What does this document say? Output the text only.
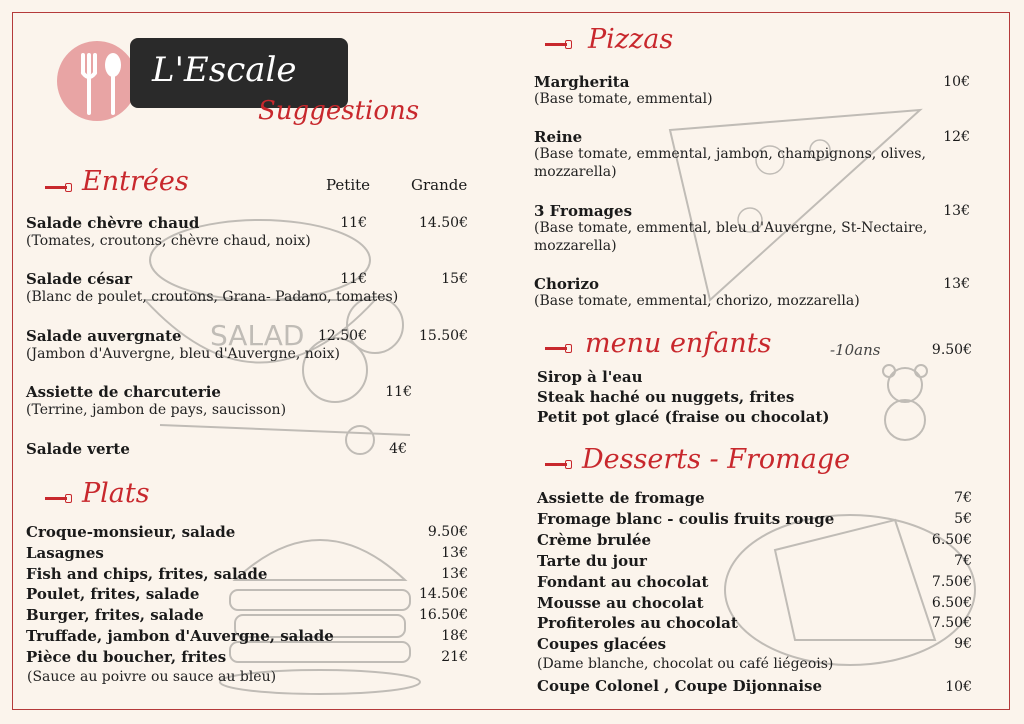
SALAD
L'Escale
Suggestions
Entrées	Petite	Grande
Salade chèvre chaud
(Tomates, croutons, chèvre chaud, noix)
11€	14.50€
Salade césar
(Blanc de poulet, croutons, Grana- Padano, tomates)
11€	15€
Salade auvergnate
(Jambon d'Auvergne, bleu d'Auvergne, noix)
12.50€	15.50€
Assiette de charcuterie
(Terrine, jambon de pays, saucisson)
11€
Salade verte	4€
Plats
Croque-monsieur, salade	9.50€
Lasagnes	13€
Fish and chips, frites, salade	13€
Poulet, frites, salade	14.50€
Burger, frites, salade	16.50€
Truffade, jambon d'Auvergne, salade	18€
Pièce du boucher, frites	21€
(Sauce au poivre ou sauce au bleu)
Pizzas
Margherita	10€
(Base tomate, emmental)
Reine	12€
(Base tomate, emmental, jambon, champignons, olives,
mozzarella)
3 Fromages	13€
(Base tomate, emmental, bleu d'Auvergne, St-Nectaire,
mozzarella)
Chorizo	13€
(Base tomate, emmental, chorizo, mozzarella)
menu enfants	-10ans	9.50€
Sirop à l'eau
Steak haché ou nuggets, frites
Petit pot glacé (fraise ou chocolat)
Desserts - Fromage
Assiette de fromage	7€
Fromage blanc - coulis fruits rouge	5€
Crème brulée	6.50€
Tarte du jour	7€
Fondant au chocolat	7.50€
Mousse au chocolat	6.50€
Profiteroles au chocolat	7.50€
Coupes glacées	9€
(Dame blanche, chocolat ou café liégeois)
Coupe Colonel , Coupe Dijonnaise	10€
